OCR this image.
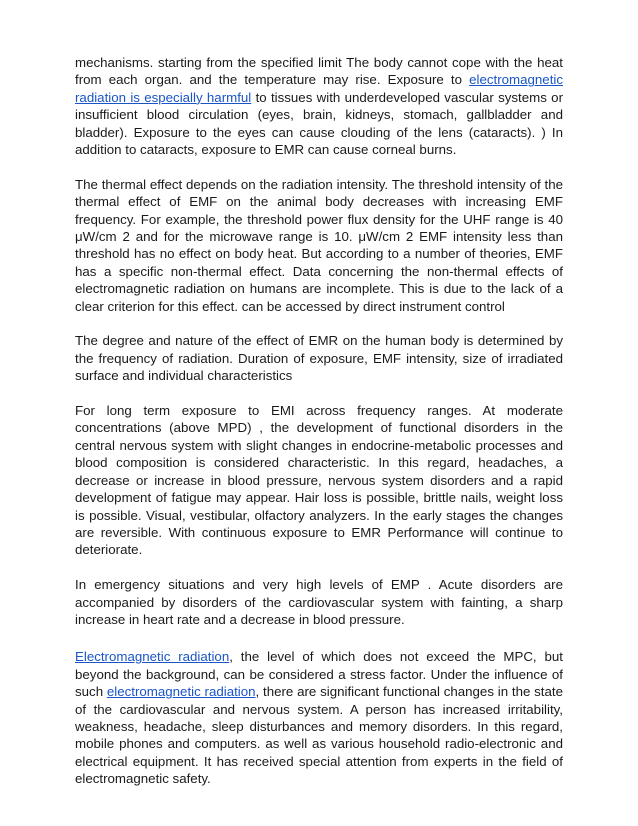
mechanisms. starting from the specified limit The body cannot cope with the heat from each organ. and the temperature may rise. Exposure to electromagnetic radiation is especially harmful to tissues with underdeveloped vascular systems or insufficient blood circulation (eyes, brain, kidneys, stomach, gallbladder and bladder). Exposure to the eyes can cause clouding of the lens (cataracts). ) In addition to cataracts, exposure to EMR can cause corneal burns.

The thermal effect depends on the radiation intensity. The threshold intensity of the thermal effect of EMF on the animal body decreases with increasing EMF frequency. For example, the threshold power flux density for the UHF range is 40 μW/cm 2 and for the microwave range is 10. μW/cm 2 EMF intensity less than threshold has no effect on body heat. But according to a number of theories, EMF has a specific non-thermal effect. Data concerning the non-thermal effects of electromagnetic radiation on humans are incomplete. This is due to the lack of a clear criterion for this effect. can be accessed by direct instrument control

The degree and nature of the effect of EMR on the human body is determined by the frequency of radiation. Duration of exposure, EMF intensity, size of irradiated surface and individual characteristics

For long term exposure to EMI across frequency ranges. At moderate concentrations (above MPD) , the development of functional disorders in the central nervous system with slight changes in endocrine-metabolic processes and blood composition is considered characteristic. In this regard, headaches, a decrease or increase in blood pressure, nervous system disorders and a rapid development of fatigue may appear. Hair loss is possible, brittle nails, weight loss is possible. Visual, vestibular, olfactory analyzers. In the early stages the changes are reversible. With continuous exposure to EMR Performance will continue to deteriorate.

In emergency situations and very high levels of EMP . Acute disorders are accompanied by disorders of the cardiovascular system with fainting, a sharp increase in heart rate and a decrease in blood pressure.

Electromagnetic radiation, the level of which does not exceed the MPC, but beyond the background, can be considered a stress factor. Under the influence of such electromagnetic radiation, there are significant functional changes in the state of the cardiovascular and nervous system. A person has increased irritability, weakness, headache, sleep disturbances and memory disorders. In this regard, mobile phones and computers. as well as various household radio-electronic and electrical equipment. It has received special attention from experts in the field of electromagnetic safety.
